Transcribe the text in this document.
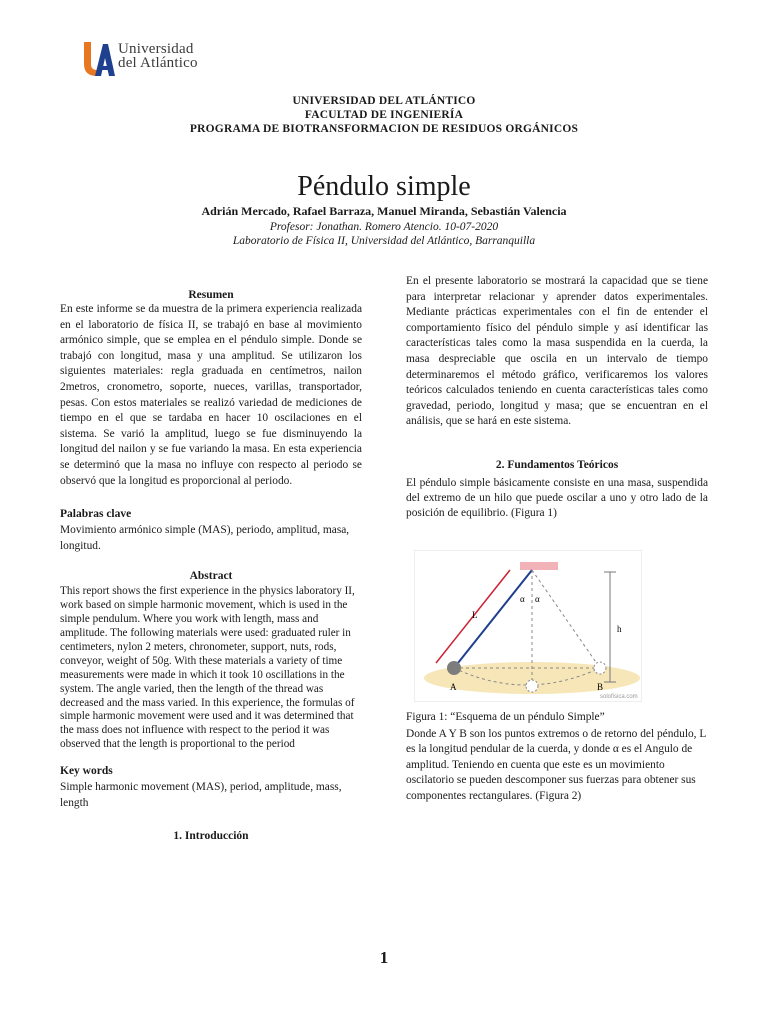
Universidad
del Atlántico
UNIVERSIDAD DEL ATLÁNTICO
FACULTAD DE INGENIERÍA
PROGRAMA DE BIOTRANSFORMACION DE RESIDUOS ORGÁNICOS
Péndulo simple
Adrián Mercado, Rafael Barraza, Manuel Miranda, Sebastián Valencia
Profesor: Jonathan. Romero Atencio. 10-07-2020
Laboratorio de Física II, Universidad del Atlántico, Barranquilla
Resumen

En este informe se da muestra de la primera experiencia realizada en el laboratorio de física II, se trabajó en base al movimiento armónico simple, que se emplea en el péndulo simple. Donde se trabajó con longitud, masa y una amplitud. Se utilizaron los siguientes materiales: regla graduada en centímetros, nailon 2metros, cronometro, soporte, nueces, varillas, transportador, pesas. Con estos materiales se realizó variedad de mediciones de tiempo en el que se tardaba en hacer 10 oscilaciones en el sistema. Se varió la amplitud, luego se fue disminuyendo la longitud del nailon y se fue variando la masa. En esta experiencia se determinó que la masa no influye con respecto al periodo se observó que la longitud es proporcional al periodo.

Palabras clave

Movimiento armónico simple (MAS), periodo, amplitud, masa, longitud.

Abstract

This report shows the first experience in the physics laboratory II, work based on simple harmonic movement, which is used in the simple pendulum. Where you work with length, mass and amplitude. The following materials were used: graduated ruler in centimeters, nylon 2 meters, chronometer, support, nuts, rods, conveyor, weight of 50g. With these materials a variety of time measurements were made in which it took 10 oscillations in the system. The angle varied, then the length of the thread was decreased and the mass varied. In this experience, the formulas of simple harmonic movement were used and it was determined that the mass does not influence with respect to the period it was observed that the length is proportional to the period

Key words

Simple harmonic movement (MAS), period, amplitude, mass, length

1. Introducción

En el presente laboratorio se mostrará la capacidad que se tiene para interpretar relacionar y aprender datos experimentales. Mediante prácticas experimentales con el fin de entender el comportamiento físico del péndulo simple y así identificar las características tales como la masa suspendida en la cuerda, la masa despreciable que oscila en un intervalo de tiempo determinaremos el método gráfico, verificaremos los valores teóricos calculados teniendo en cuenta características tales como gravedad, periodo, longitud y masa; que se encuentran en el análisis, que se hará en este sistema.

2. Fundamentos Teóricos

El péndulo simple básicamente consiste en una masa, suspendida del extremo de un hilo que puede oscilar a uno y otro lado de la posición de equilibrio. (Figura 1)

L
α α
h
A	B
solofisica.com

Figura 1: “Esquema de un péndulo Simple”

Donde A Y B son los puntos extremos o de retorno del péndulo, L es la longitud pendular de la cuerda, y donde α es el Angulo de amplitud. Teniendo en cuenta que este es un movimiento oscilatorio se pueden descomponer sus fuerzas para obtener sus componentes rectangulares. (Figura 2)

1
